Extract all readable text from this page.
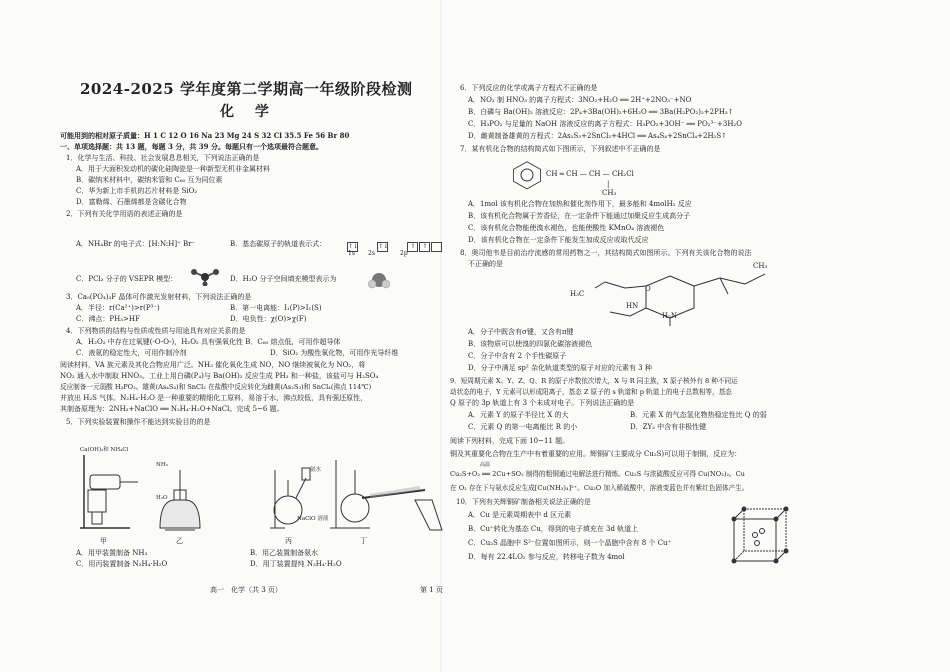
2024-2025 学年度第二学期高一年级阶段检测
化 学
可能用到的相对原子质量：H 1 C 12 O 16 Na 23 Mg 24 S 32 Cl 35.5 Fe 56 Br 80
一、单项选择题：共 13 题，每题 3 分，共 39 分。每题只有一个选项最符合题意。
1．化学与生活、科技、社会发展息息相关，下列说法正确的是
A．用于大面积发动机的碳化硅陶瓷是一种新型无机非金属材料
B．碳纳米材料中，碳纳米管和 C₆₀ 互为同位素
C．华为新上市手机的芯片材料是 SiO₂
D．富勒烯、石墨烯都是含碳化合物
2．下列有关化学用语的表述正确的是
A．NH₄Br 的电子式：[H:N:H]⁺ Br⁻	B．基态碳原子的轨道表示式：	↑↓	↑↓	↑ ↑
1s 2s	2p
C．PCl₃ 分子的 VSEPR 模型：	D．H₂O 分子空间填充模型表示为
3．Ca₅(PO₄)₃F 晶体可作激光发射材料，下列说法正确的是
A．半径：r(Ca²⁺)>r(P³⁻)	B．第一电离能：I₁(P)>I₁(S)
C．沸点：PH₃>HF	D．电负性：χ(O)>χ(F)
4．下列物质的结构与性质或性质与用途具有对应关系的是
A．H₂O₂ 中存在过氧键(-O-O-)，H₂O₂ 具有强氧化性 B．C₆₀ 熔点低，可用作超导体
C．液氨的稳定性大，可用作制冷剂	D．SiO₂ 为酸性氧化物，可用作光导纤维
阅读材料，VA 族元素及其化合物应用广泛。NH₃ 催化氧化生成 NO，NO 继续被氧化为 NO₂，将
NO₂ 通入水中制取 HNO₃。工业上用白磷(P₄)与 Ba(OH)₂ 反应生成 PH₃ 和一种盐，该盐可与 H₂SO₄
反应制备一元弱酸 H₃PO₂。雄黄(As₄S₄)和 SnCl₂ 在盐酸中反应转化为雌黄(As₂S₃)和 SnCl₄(沸点 114℃)
并放出 H₂S 气体。N₂H₄·H₂O 是一种重要的精细化工原料，易溶于水，沸点较低，具有强还原性，
其制备原理为：2NH₃+NaClO ══ N₂H₄·H₂O+NaCl。完成 5~6 题。
5．下列实验装置和操作不能达到实验目的的是
Ca(OH)₂和 NH₄Cl
NH₃
H₂O
氨水
NaClO 溶液
甲	乙	丙	丁
A．用甲装置制备 NH₃	B．用乙装置制备氨水
C．用丙装置制备 N₂H₄·H₂O	D．用丁装置提纯 N₂H₄·H₂O
高一　化学（共 3 页）	第 1 页
6．下列反应的化学或离子方程式不正确的是
A．NO₂ 制 HNO₃ 的离子方程式：3NO₂+H₂O ══ 2H⁺+2NO₃⁻+NO
B．白磷与 Ba(OH)₂ 溶液反应：2P₄+3Ba(OH)₂+6H₂O ══ 3Ba(H₂PO₂)₂+2PH₃↑
C．H₃PO₂ 与足量的 NaOH 溶液反应的离子方程式：H₃PO₂+3OH⁻ ══ PO₂³⁻+3H₂O
D．雌黄制备雄黄的方程式：2As₂S₃+2SnCl₂+4HCl ══ As₄S₄+2SnCl₄+2H₂S↑
7．某有机化合物的结构简式如下图所示，下列叙述中不正确的是
CH ═ CH — CH — CH₂Cl
|
CH₃
A．1mol 该有机化合物在加热和催化剂作用下，最多能和 4molH₂ 反应
B．该有机化合物属于芳香烃，在一定条件下能通过加聚反应生成高分子
C．该有机化合物能使溴水褪色，也能使酸性 KMnO₄ 溶液褪色
D．该有机化合物在一定条件下能发生加成反应或取代反应
8．奥司他韦是目前治疗流感的常用药物之一，其结构简式如图所示。下列有关该化合物的说法
不正确的是
H₃C
O
CH₃
HN
H₂N
A．分子中既含有σ键，又含有π键
B．该物质可以使溴的四氯化碳溶液褪色
C．分子中含有 2 个手性碳原子
D．分子中满足 sp² 杂化轨道类型的原子对应的元素有 3 种
9．短周期元素 X、Y、Z、Q、R 的原子序数依次增大，X 与 R 同主族，X 原子核外有 8 种不同运
动状态的电子，Y 元素可以形成阳离子，基态 Z 原子的 s 轨道和 p 轨道上的电子总数相等，基态
Q 原子的 3p 轨道上有 3 个未成对电子。下列说法正确的是
A．元素 Y 的原子半径比 X 的大	B．元素 X 的气态氢化物热稳定性比 Q 的弱
C．元素 Q 的第一电离能比 R 的小	D．ZY₂ 中含有非极性键
阅读下列材料，完成下面 10~11 题。
铜及其重要化合物在生产中有着重要的应用。辉铜矿(主要成分 Cu₂S)可以用于制铜，反应为：
高温
Cu₂S+O₂ ══ 2Cu+SO₂ 制得的粗铜通过电解法进行精炼。Cu₂S 与浓硫酸反应可得 Cu(NO₃)₂。Cu
在 O₂ 存在下与氨水反应生成[Cu(NH₃)₄]²⁺。Cu₂O 加入稀硫酸中，溶液变蓝色并有紫红色固体产生。
10．下列有关辉铜矿制备相关说法正确的是
A．Cu 是元素周期表中 d 区元素
B．Cu⁺转化为基态 Cu，得到的电子填充在 3d 轨道上
C．Cu₂S 晶胞中 S²⁻位置如图所示，则一个晶胞中含有 8 个 Cu⁺
D．每有 22.4LO₂ 参与反应，转移电子数为 4mol
